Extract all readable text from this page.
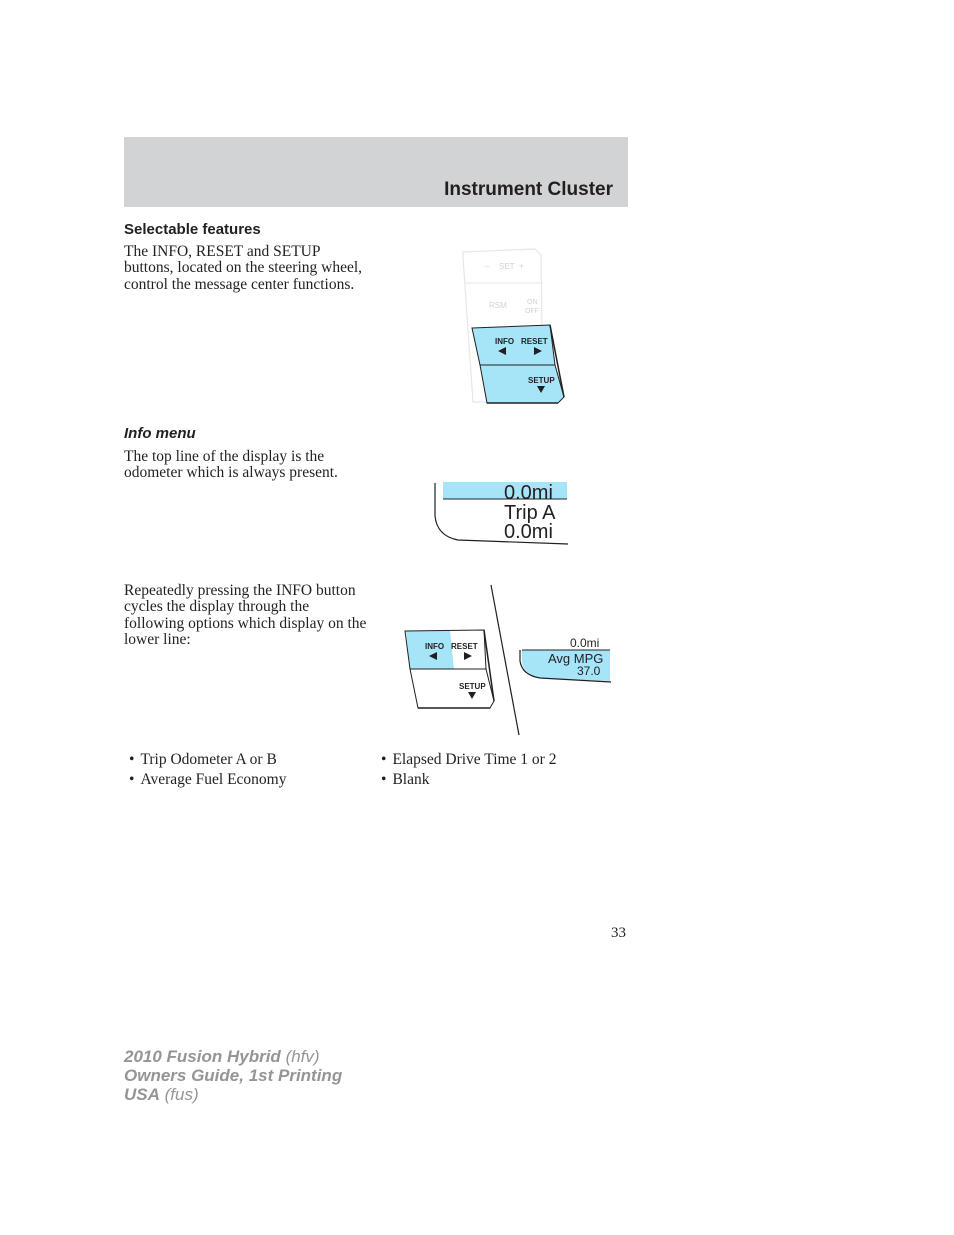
Instrument Cluster
Selectable features

The INFO, RESET and SETUP buttons, located on the steering wheel, control the message center functions.

– SET +
RSM	ON
OFF
INFO RESET
SETUP
Info menu

The top line of the display is the odometer which is always present.

0.0mi
Trip A
0.0mi

Repeatedly pressing the INFO button cycles the display through the following options which display on the lower line:	INFO RESET
SETUP
0.0mi
Avg MPG
37.0
• Trip Odometer A or B
• Average Fuel Economy
• Elapsed Drive Time 1 or 2
• Blank
33
2010 Fusion Hybrid (hfv)
Owners Guide, 1st Printing
USA (fus)
